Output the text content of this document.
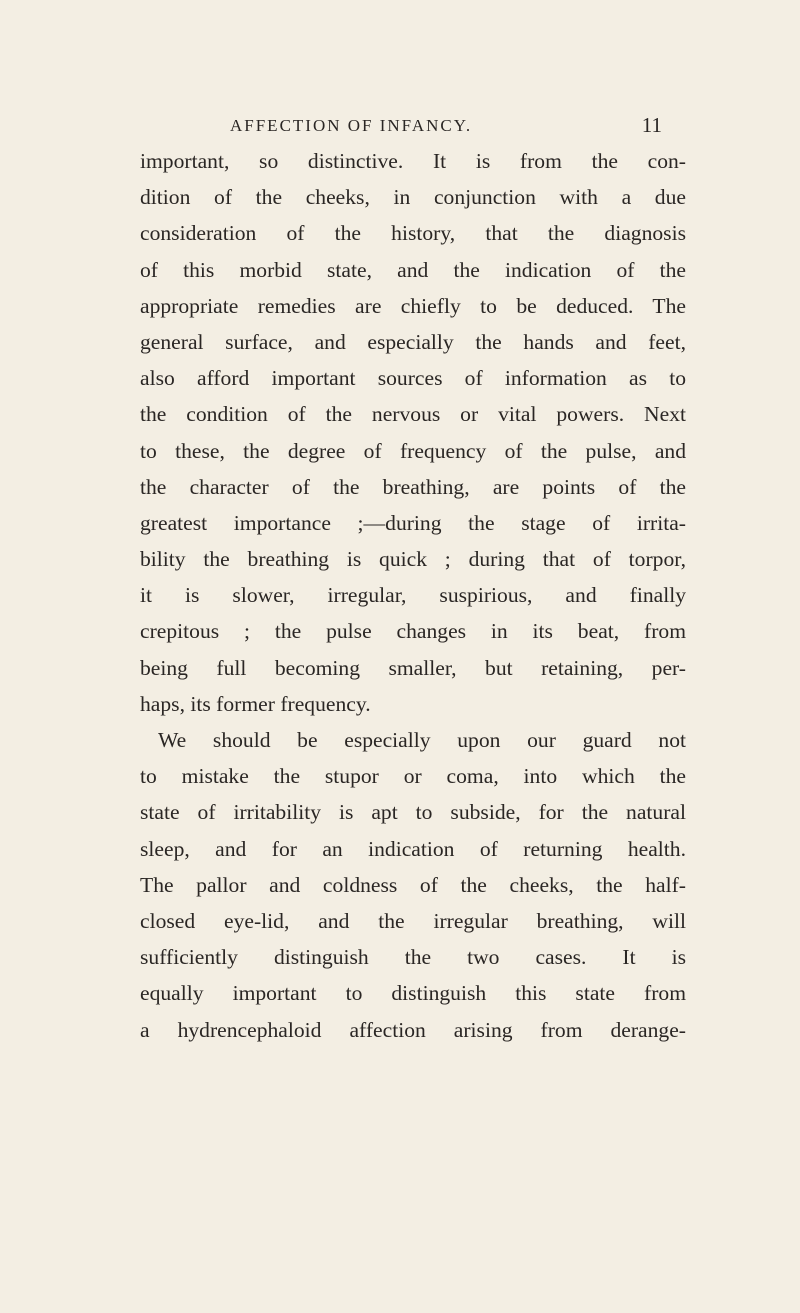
AFFECTION OF INFANCY.	11
important, so distinctive. It is from the con-
dition of the cheeks, in conjunction with a due
consideration of the history, that the diagnosis
of this morbid state, and the indication of the
appropriate remedies are chiefly to be deduced. The
general surface, and especially the hands and feet,
also afford important sources of information as to
the condition of the nervous or vital powers. Next
to these, the degree of frequency of the pulse, and
the character of the breathing, are points of the
greatest importance ;—during the stage of irrita-
bility the breathing is quick ; during that of torpor,
it is slower, irregular, suspirious, and finally
crepitous ; the pulse changes in its beat, from
being full becoming smaller, but retaining, per-
haps, its former frequency.
We should be especially upon our guard not
to mistake the stupor or coma, into which the
state of irritability is apt to subside, for the natural
sleep, and for an indication of returning health.
The pallor and coldness of the cheeks, the half-
closed eye-lid, and the irregular breathing, will
sufficiently distinguish the two cases. It is
equally important to distinguish this state from
a hydrencephaloid affection arising from derange-
